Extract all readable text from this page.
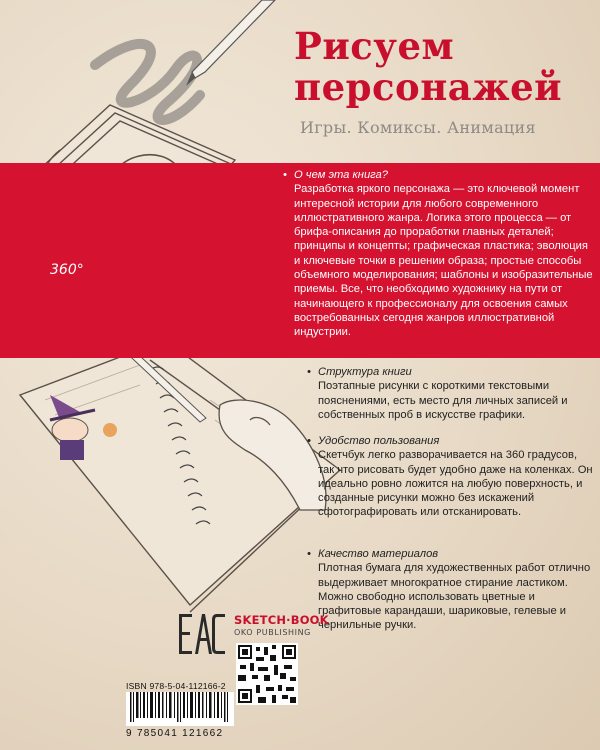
Рисуем
персонажей
Игры. Комиксы. Анимация
360°
• О чем эта книга?

Разработка яркого персонажа — это ключевой момент интересной истории для любого современного иллюстративного жанра. Логика этого процесса — от брифа-описания до проработки главных деталей; принципы и концепты; графическая пластика; эволюция и ключевые точки в решении образа; простые способы объемного моделирования; шаблоны и изобразительные приемы. Все, что необходимо художнику на пути от начинающего к профессионалу для освоения самых востребованных сегодня жанров иллюстративной индустрии.

• Структура книги
Поэтапные рисунки с короткими текстовыми пояснениями, есть место для личных записей и собственных проб в искусстве графики.
• Удобство пользования
Скетчбук легко разворачивается на 360 градусов, так что рисовать будет удобно даже на коленках. Он идеально ровно ложится на любую поверхность, и созданные рисунки можно без искажений сфотографировать или отсканировать.
• Качество материалов
Плотная бумага для художественных работ отлично выдерживает многократное стирание ластиком. Можно свободно использовать цветные и графитовые карандаши, шариковые, гелевые и чернильные ручки.
SKETCH·BOOK
OKO PUBLISHING
ISBN 978-5-04-112166-2
9 785041 121662
